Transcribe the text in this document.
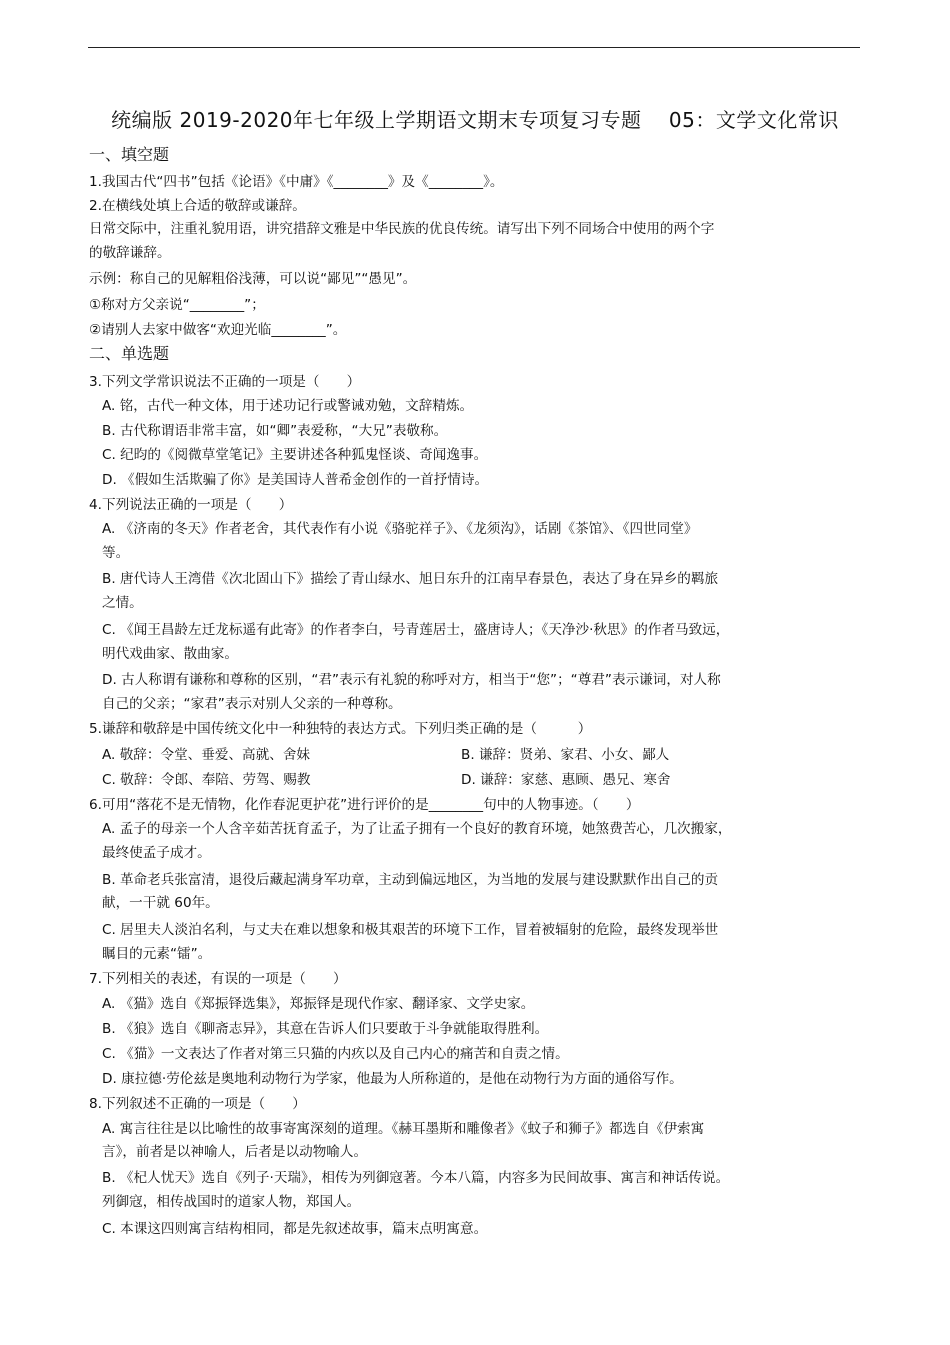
统编版 2019-2020年七年级上学期语文期末专项复习专题　 05：文学文化常识
一、填空题
1.我国古代“四书”包括《论语》《中庸》《________》及《________》。
2.在横线处填上合适的敬辞或谦辞。
日常交际中，注重礼貌用语，讲究措辞文雅是中华民族的优良传统。请写出下列不同场合中使用的两个字
的敬辞谦辞。
示例：称自己的见解粗俗浅薄，可以说“鄙见”“愚见”。
①称对方父亲说“________”；
②请别人去家中做客“欢迎光临________”。
二、单选题
3.下列文学常识说法不正确的一项是（　　）
A. 铭，古代一种文体，用于述功记行或警诫劝勉，文辞精炼。
B. 古代称谓语非常丰富，如“卿”表爱称，“大兄”表敬称。
C. 纪昀的《阅微草堂笔记》主要讲述各种狐鬼怪谈、奇闻逸事。
D. 《假如生活欺骗了你》是美国诗人普希金创作的一首抒情诗。
4.下列说法正确的一项是（　　）
A. 《济南的冬天》作者老舍，其代表作有小说《骆驼祥子》、《龙须沟》，话剧《茶馆》、《四世同堂》
等。
B. 唐代诗人王湾借《次北固山下》描绘了青山绿水、旭日东升的江南早春景色，表达了身在异乡的羁旅
之情。
C. 《闻王昌龄左迁龙标遥有此寄》的作者李白，号青莲居士，盛唐诗人；《天净沙·秋思》的作者马致远，
明代戏曲家、散曲家。
D. 古人称谓有谦称和尊称的区别，“君”表示有礼貌的称呼对方，相当于“您”；“尊君”表示谦词，对人称
自己的父亲；“家君”表示对别人父亲的一种尊称。
5.谦辞和敬辞是中国传统文化中一种独特的表达方式。下列归类正确的是（　　　）
A. 敬辞：令堂、垂爱、高就、舍妹	B. 谦辞：贤弟、家君、小女、鄙人
C. 敬辞：令郎、奉陪、劳驾、赐教	D. 谦辞：家慈、惠顾、愚兄、寒舍
6.可用“落花不是无情物，化作春泥更护花”进行评价的是________句中的人物事迹。（　　）
A. 孟子的母亲一个人含辛茹苦抚育孟子，为了让孟子拥有一个良好的教育环境，她煞费苦心，几次搬家，
最终使孟子成才。
B. 革命老兵张富清，退役后藏起满身军功章，主动到偏远地区，为当地的发展与建设默默作出自己的贡
献，一干就 60年。
C. 居里夫人淡泊名利，与丈夫在难以想象和极其艰苦的环境下工作，冒着被辐射的危险，最终发现举世
瞩目的元素“镭”。
7.下列相关的表述，有误的一项是（　　）
A. 《猫》选自《郑振铎选集》，郑振铎是现代作家、翻译家、文学史家。
B. 《狼》选自《聊斋志异》，其意在告诉人们只要敢于斗争就能取得胜利。
C. 《猫》一文表达了作者对第三只猫的内疚以及自己内心的痛苦和自责之情。
D. 康拉德·劳伦兹是奥地利动物行为学家，他最为人所称道的，是他在动物行为方面的通俗写作。
8.下列叙述不正确的一项是（　　）
A. 寓言往往是以比喻性的故事寄寓深刻的道理。《赫耳墨斯和雕像者》《蚊子和狮子》都选自《伊索寓
言》，前者是以神喻人，后者是以动物喻人。
B. 《杞人忧天》选自《列子·天瑞》，相传为列御寇著。今本八篇，内容多为民间故事、寓言和神话传说。
列御寇，相传战国时的道家人物，郑国人。
C. 本课这四则寓言结构相同，都是先叙述故事，篇末点明寓意。
